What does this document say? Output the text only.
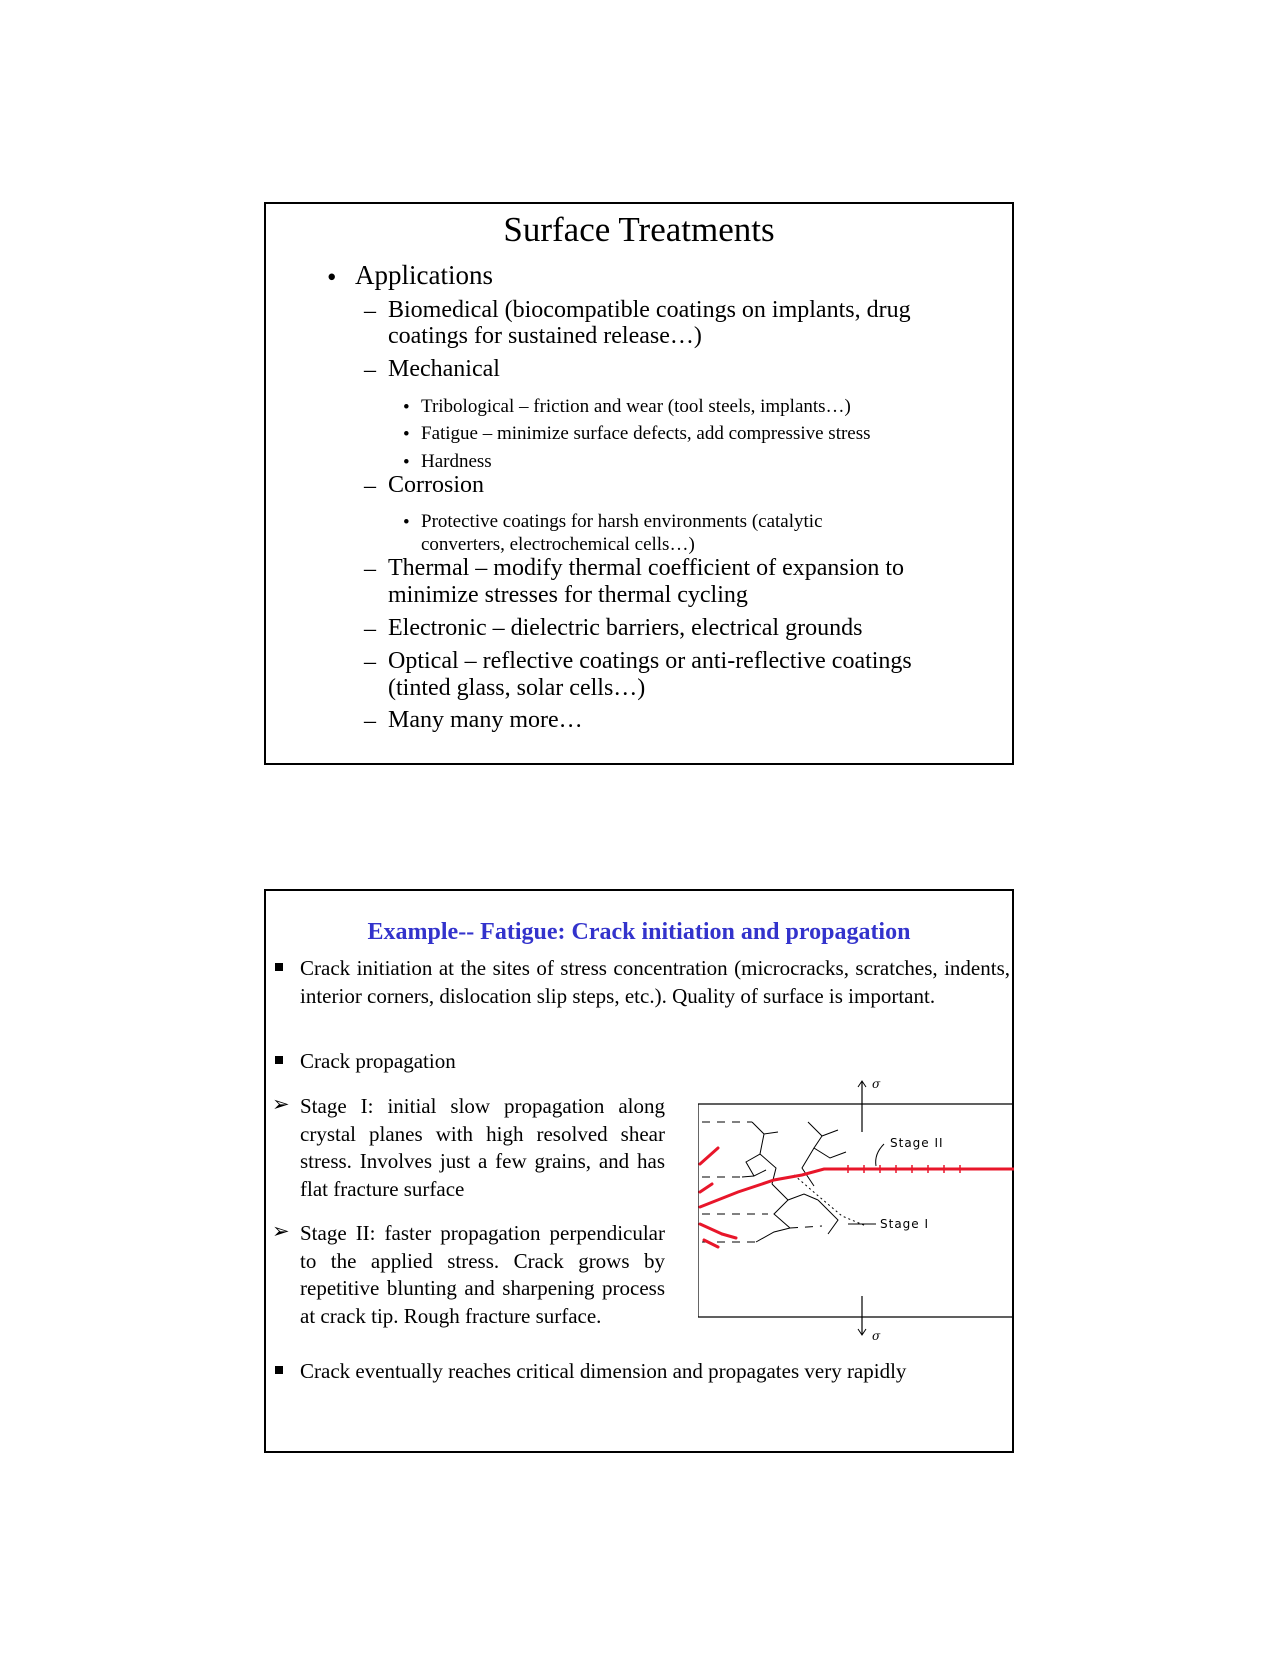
Surface Treatments
• Applications
– Biomedical (biocompatible coatings on implants, drug
coatings for sustained release…)
– Mechanical
• Tribological – friction and wear (tool steels, implants…)
• Fatigue – minimize surface defects, add compressive stress
• Hardness
– Corrosion
• Protective coatings for harsh environments (catalytic
converters, electrochemical cells…)
– Thermal – modify thermal coefficient of expansion to
minimize stresses for thermal cycling
– Electronic – dielectric barriers, electrical grounds
– Optical – reflective coatings or anti-reflective coatings
(tinted glass, solar cells…)
– Many many more…
Example-- Fatigue: Crack initiation and propagation
Crack initiation at the sites of stress concentration (microcracks, scratches, indents, interior corners, dislocation slip steps, etc.). Quality of surface is important.
Crack propagation
➢ Stage I: initial slow propagation along crystal planes with high resolved shear stress. Involves just a few grains, and has flat fracture surface
➢ Stage II: faster propagation perpendicular to the applied stress. Crack grows by repetitive blunting and sharpening process at crack tip. Rough fracture surface.
Crack eventually reaches critical dimension and propagates very rapidly
σ
σ
Stage II
Stage I
